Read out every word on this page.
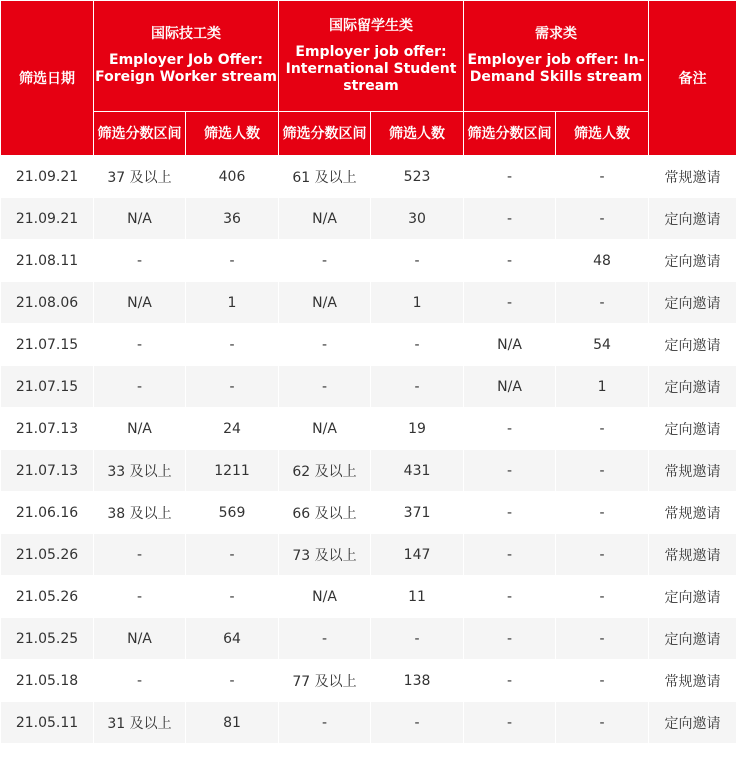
筛选日期	国际技工类
Employer Job Offer: Foreign Worker stream		国际留学生类
Employer job offer: International Student stream		需求类
Employer job offer: In-Demand Skills stream		备注
	筛选分数区间	筛选人数	筛选分数区间	筛选人数	筛选分数区间	筛选人数	
21.09.21	37 及以上	406	61 及以上	523	-	-	常规邀请
21.09.21	N/A	36	N/A	30	-	-	定向邀请
21.08.11	-	-	-	-	-	48	定向邀请
21.08.06	N/A	1	N/A	1	-	-	定向邀请
21.07.15	-	-	-	-	N/A	54	定向邀请
21.07.15	-	-	-	-	N/A	1	定向邀请
21.07.13	N/A	24	N/A	19	-	-	定向邀请
21.07.13	33 及以上	1211	62 及以上	431	-	-	常规邀请
21.06.16	38 及以上	569	66 及以上	371	-	-	常规邀请
21.05.26	-	-	73 及以上	147	-	-	常规邀请
21.05.26	-	-	N/A	11	-	-	定向邀请
21.05.25	N/A	64	-	-	-	-	定向邀请
21.05.18	-	-	77 及以上	138	-	-	常规邀请
21.05.11	31 及以上	81	-	-	-	-	定向邀请
